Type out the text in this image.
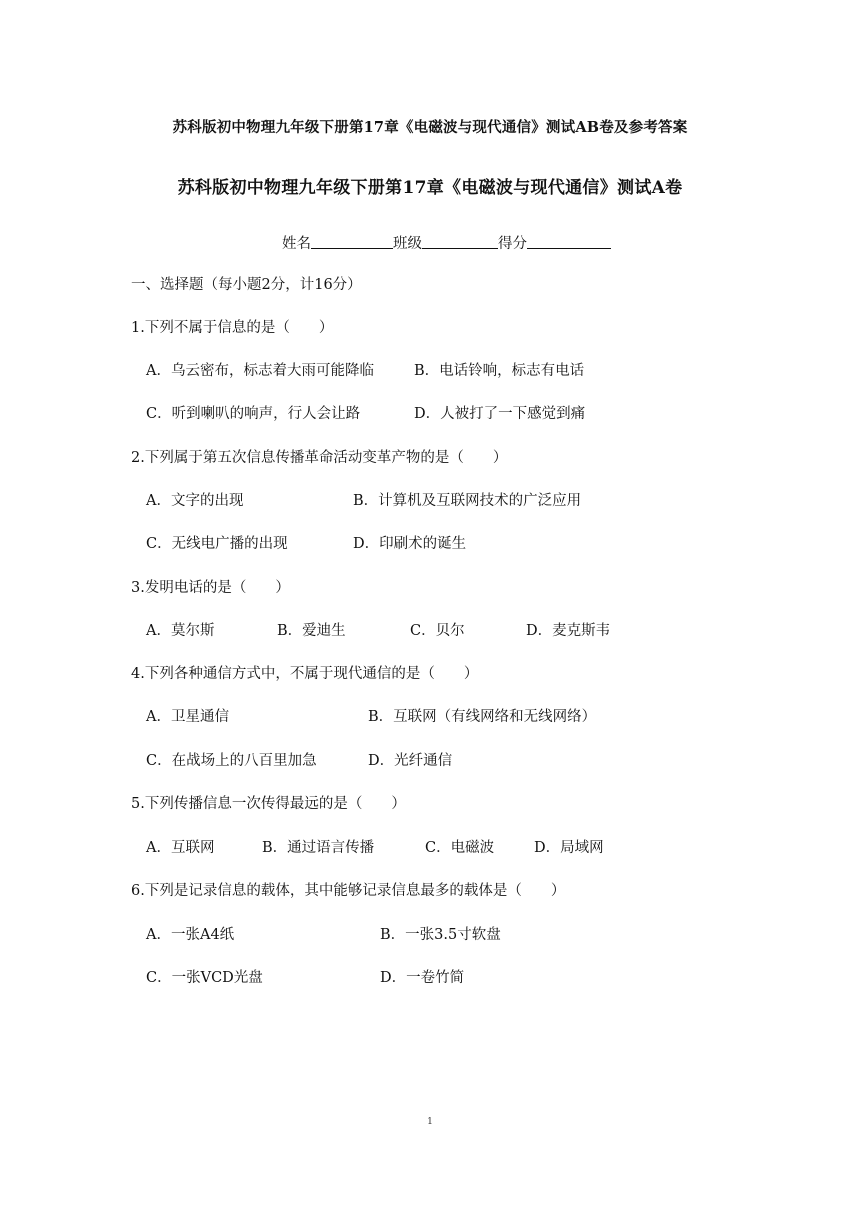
苏科版初中物理九年级下册第17章《电磁波与现代通信》测试AB卷及参考答案
苏科版初中物理九年级下册第17章《电磁波与现代通信》测试A卷
姓名	班级	得分
一、选择题（每小题2分，计16分）
1.下列不属于信息的是（　　）
A．乌云密布，标志着大雨可能降临	B．电话铃响，标志有电话
C．听到喇叭的响声，行人会让路	D．人被打了一下感觉到痛
2.下列属于第五次信息传播革命活动变革产物的是（　　）
A．文字的出现	B．计算机及互联网技术的广泛应用
C．无线电广播的出现	D．印刷术的诞生
3.发明电话的是（　　）
A．莫尔斯	B．爱迪生	C．贝尔	D．麦克斯韦
4.下列各种通信方式中，不属于现代通信的是（　　）
A．卫星通信	B．互联网（有线网络和无线网络）
C．在战场上的八百里加急	D．光纤通信
5.下列传播信息一次传得最远的是（　　）
A．互联网	B．通过语言传播	C．电磁波	D．局域网
6.下列是记录信息的载体，其中能够记录信息最多的载体是（　　）
A．一张A4纸	B．一张3.5寸软盘
C．一张VCD光盘	D．一卷竹简
1
